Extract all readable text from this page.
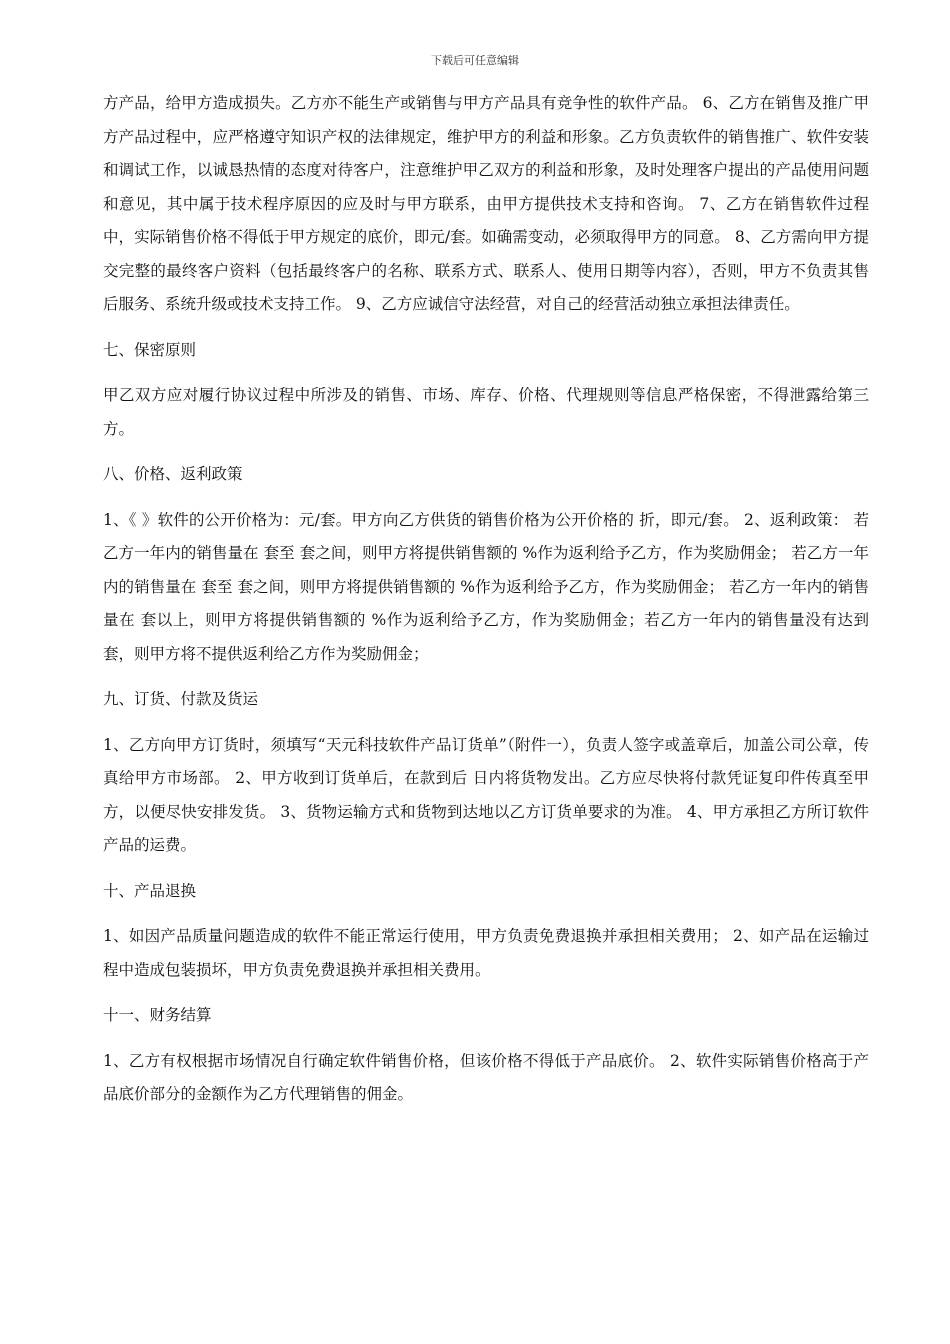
下载后可任意编辑

方产品，给甲方造成损失。乙方亦不能生产或销售与甲方产品具有竞争性的软件产品。 6、乙方在销售及推广甲方产品过程中，应严格遵守知识产权的法律规定，维护甲方的利益和形象。乙方负责软件的销售推广、软件安装和调试工作，以诚恳热情的态度对待客户，注意维护甲乙双方的利益和形象，及时处理客户提出的产品使用问题和意见，其中属于技术程序原因的应及时与甲方联系，由甲方提供技术支持和咨询。 7、乙方在销售软件过程中，实际销售价格不得低于甲方规定的底价，即元/套。如确需变动，必须取得甲方的同意。 8、乙方需向甲方提交完整的最终客户资料（包括最终客户的名称、联系方式、联系人、使用日期等内容），否则，甲方不负责其售后服务、系统升级或技术支持工作。 9、乙方应诚信守法经营，对自己的经营活动独立承担法律责任。

七、保密原则

甲乙双方应对履行协议过程中所涉及的销售、市场、库存、价格、代理规则等信息严格保密，不得泄露给第三方。

八、价格、返利政策

1、《 》软件的公开价格为：元/套。甲方向乙方供货的销售价格为公开价格的 折，即元/套。 2、返利政策： 若乙方一年内的销售量在 套至 套之间，则甲方将提供销售额的 %作为返利给予乙方，作为奖励佣金； 若乙方一年内的销售量在 套至 套之间，则甲方将提供销售额的 %作为返利给予乙方，作为奖励佣金； 若乙方一年内的销售量在 套以上，则甲方将提供销售额的 %作为返利给予乙方，作为奖励佣金；若乙方一年内的销售量没有达到 套，则甲方将不提供返利给乙方作为奖励佣金；

九、订货、付款及货运

1、乙方向甲方订货时，须填写“天元科技软件产品订货单”（附件一），负责人签字或盖章后，加盖公司公章，传真给甲方市场部。 2、甲方收到订货单后，在款到后 日内将货物发出。乙方应尽快将付款凭证复印件传真至甲方，以便尽快安排发货。 3、货物运输方式和货物到达地以乙方订货单要求的为准。 4、甲方承担乙方所订软件产品的运费。

十、产品退换

1、如因产品质量问题造成的软件不能正常运行使用，甲方负责免费退换并承担相关费用； 2、如产品在运输过程中造成包装损坏，甲方负责免费退换并承担相关费用。

十一、财务结算

1、乙方有权根据市场情况自行确定软件销售价格，但该价格不得低于产品底价。 2、软件实际销售价格高于产品底价部分的金额作为乙方代理销售的佣金。
